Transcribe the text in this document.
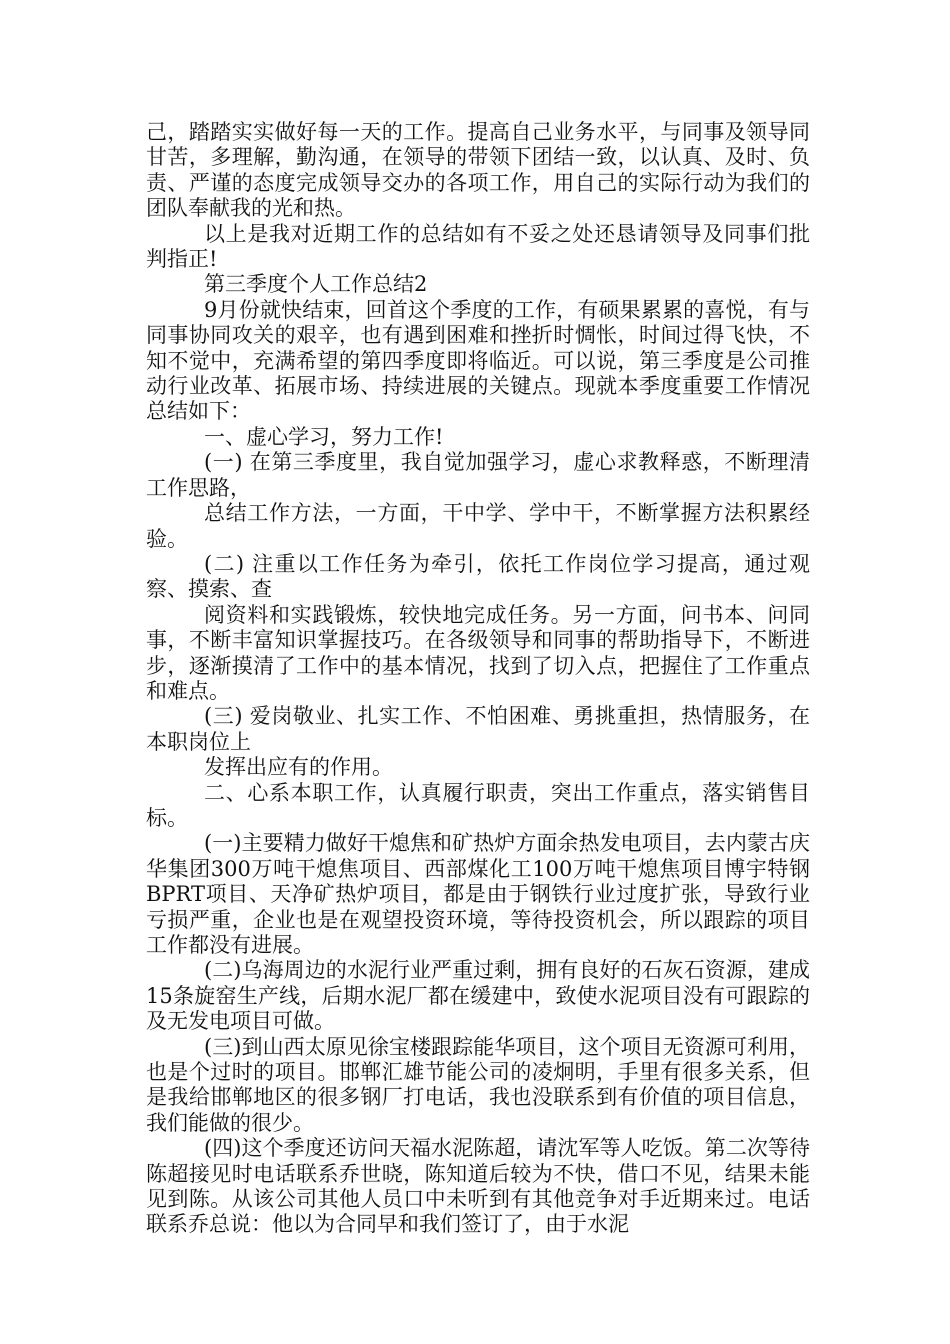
己，踏踏实实做好每一天的工作。提高自己业务水平，与同事及领导同甘苦，多理解，勤沟通，在领导的带领下团结一致，以认真、及时、负责、严谨的态度完成领导交办的各项工作，用自己的实际行动为我们的团队奉献我的光和热。

以上是我对近期工作的总结如有不妥之处还恳请领导及同事们批判指正!

第三季度个人工作总结2

9月份就快结束，回首这个季度的工作，有硕果累累的喜悦，有与同事协同攻关的艰辛，也有遇到困难和挫折时惆怅，时间过得飞快，不知不觉中，充满希望的第四季度即将临近。可以说，第三季度是公司推动行业改革、拓展市场、持续进展的关键点。现就本季度重要工作情况总结如下：

一、虚心学习，努力工作!

(一) 在第三季度里，我自觉加强学习，虚心求教释惑，不断理清工作思路，

总结工作方法，一方面，干中学、学中干，不断掌握方法积累经验。

(二) 注重以工作任务为牵引，依托工作岗位学习提高，通过观察、摸索、查

阅资料和实践锻炼，较快地完成任务。另一方面，问书本、问同事，不断丰富知识掌握技巧。在各级领导和同事的帮助指导下，不断进步，逐渐摸清了工作中的基本情况，找到了切入点，把握住了工作重点和难点。

(三) 爱岗敬业、扎实工作、不怕困难、勇挑重担，热情服务，在本职岗位上

发挥出应有的作用。

二、心系本职工作，认真履行职责，突出工作重点，落实销售目标。

(一)主要精力做好干熄焦和矿热炉方面余热发电项目，去内蒙古庆华集团300万吨干熄焦项目、西部煤化工100万吨干熄焦项目博宇特钢BPRT项目、天净矿热炉项目，都是由于钢铁行业过度扩张，导致行业亏损严重，企业也是在观望投资环境，等待投资机会，所以跟踪的项目工作都没有进展。

(二)乌海周边的水泥行业严重过剩，拥有良好的石灰石资源，建成15条旋窑生产线，后期水泥厂都在缓建中，致使水泥项目没有可跟踪的及无发电项目可做。

(三)到山西太原见徐宝楼跟踪能华项目，这个项目无资源可利用，也是个过时的项目。邯郸汇雄节能公司的凌炯明，手里有很多关系，但是我给邯郸地区的很多钢厂打电话，我也没联系到有价值的项目信息，我们能做的很少。

(四)这个季度还访问天福水泥陈超，请沈军等人吃饭。第二次等待陈超接见时电话联系乔世晓，陈知道后较为不快，借口不见，结果未能见到陈。从该公司其他人员口中未听到有其他竞争对手近期来过。电话联系乔总说：他以为合同早和我们签订了，由于水泥
